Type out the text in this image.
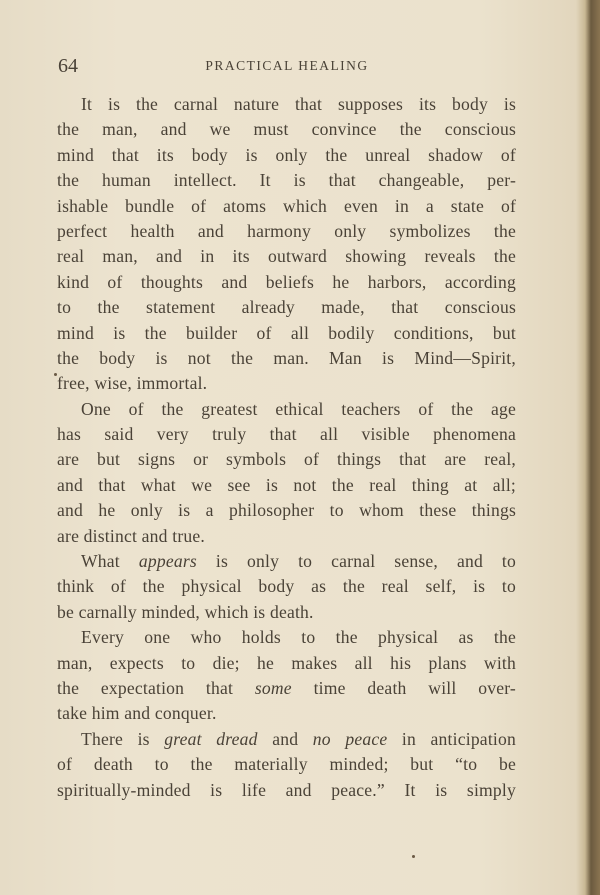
64	PRACTICAL HEALING
It is the carnal nature that supposes its body is
the man, and we must convince the conscious
mind that its body is only the unreal shadow of
the human intellect. It is that changeable, per-
ishable bundle of atoms which even in a state of
perfect health and harmony only symbolizes the
real man, and in its outward showing reveals the
kind of thoughts and beliefs he harbors, according
to the statement already made, that conscious
mind is the builder of all bodily conditions, but
the body is not the man. Man is Mind—Spirit,
free, wise, immortal.
One of the greatest ethical teachers of the age
has said very truly that all visible phenomena
are but signs or symbols of things that are real,
and that what we see is not the real thing at all;
and he only is a philosopher to whom these things
are distinct and true.
What appears is only to carnal sense, and to
think of the physical body as the real self, is to
be carnally minded, which is death.
Every one who holds to the physical as the
man, expects to die; he makes all his plans with
the expectation that some time death will over-
take him and conquer.
There is great dread and no peace in anticipation
of death to the materially minded; but “to be
spiritually-minded is life and peace.” It is simply
